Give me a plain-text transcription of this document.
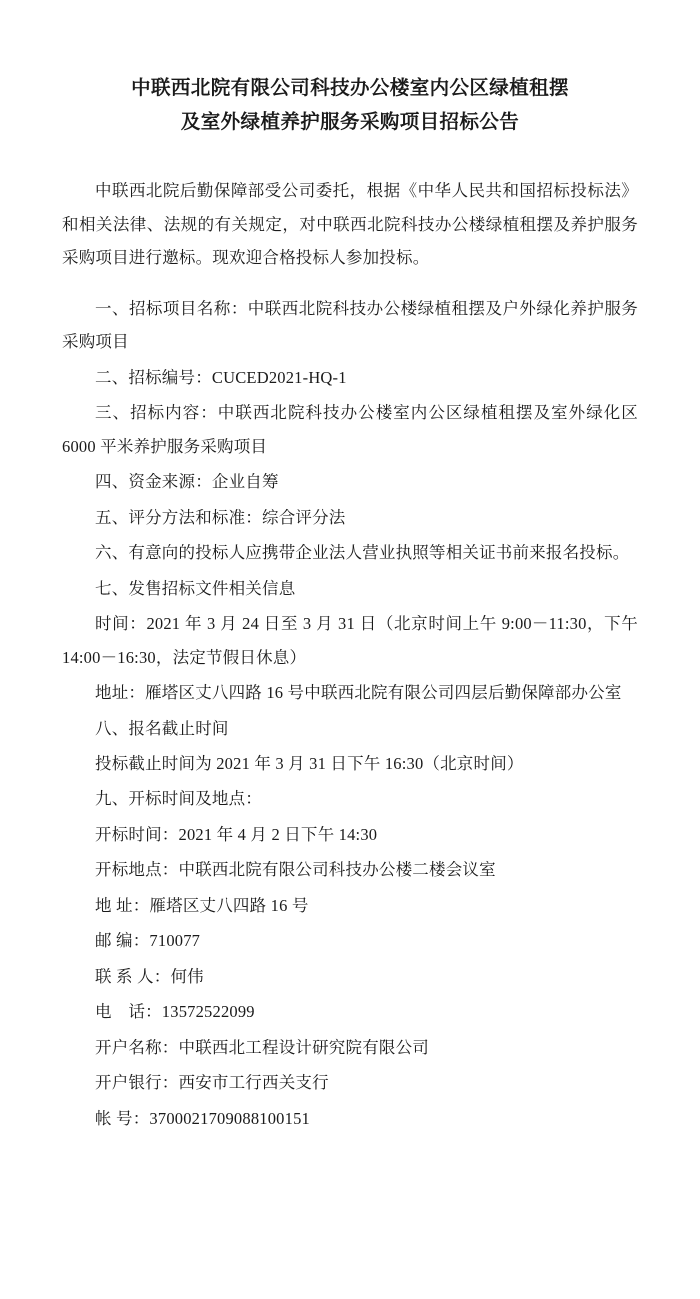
中联西北院有限公司科技办公楼室内公区绿植租摆
及室外绿植养护服务采购项目招标公告

中联西北院后勤保障部受公司委托，根据《中华人民共和国招标投标法》和相关法律、法规的有关规定，对中联西北院科技办公楼绿植租摆及养护服务采购项目进行邀标。现欢迎合格投标人参加投标。

一、招标项目名称：中联西北院科技办公楼绿植租摆及户外绿化养护服务采购项目

二、招标编号：CUCED2021-HQ-1

三、招标内容：中联西北院科技办公楼室内公区绿植租摆及室外绿化区 6000 平米养护服务采购项目

四、资金来源：企业自筹

五、评分方法和标准：综合评分法

六、有意向的投标人应携带企业法人营业执照等相关证书前来报名投标。

七、发售招标文件相关信息

时间：2021 年 3 月 24 日至 3 月 31 日（北京时间上午 9:00－11:30，下午 14:00－16:30，法定节假日休息）

地址：雁塔区丈八四路 16 号中联西北院有限公司四层后勤保障部办公室

八、报名截止时间

投标截止时间为 2021 年 3 月 31 日下午 16:30（北京时间）

九、开标时间及地点：

开标时间：2021 年 4 月 2 日下午 14:30

开标地点：中联西北院有限公司科技办公楼二楼会议室

地 址：雁塔区丈八四路 16 号

邮 编：710077

联 系 人：何伟

电　话：13572522099

开户名称：中联西北工程设计研究院有限公司

开户银行：西安市工行西关支行

帐 号：3700021709088100151
